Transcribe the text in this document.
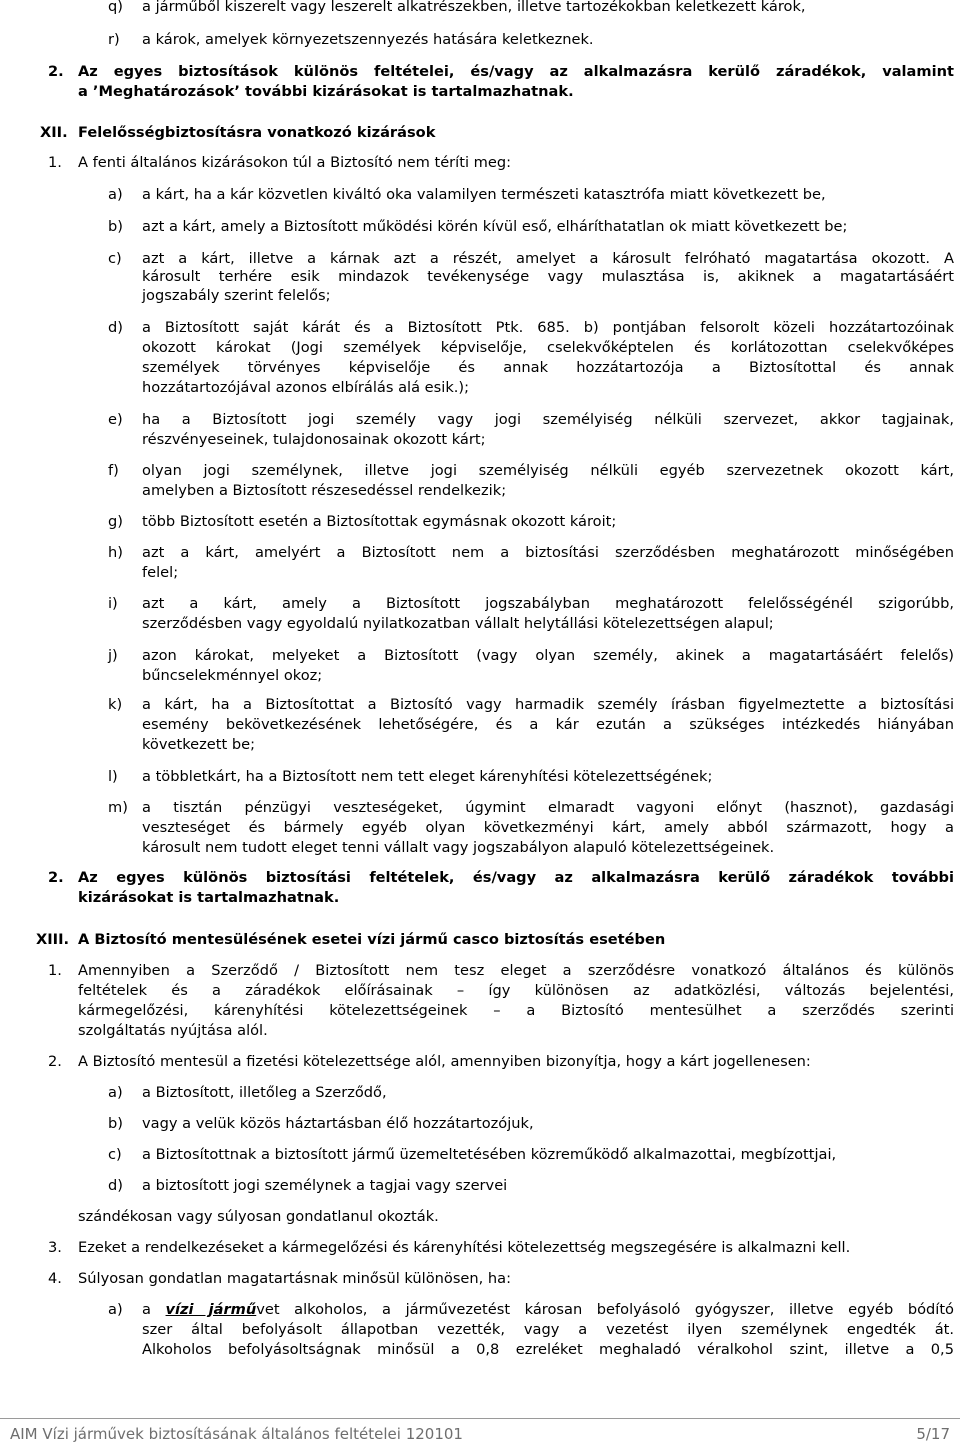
q) a járműből kiszerelt vagy leszerelt alkatrészekben, illetve tartozékokban keletkezett károk,
r) a károk, amelyek környezetszennyezés hatására keletkeznek.
2. Az egyes biztosítások különös feltételei, és/vagy az alkalmazásra kerülő záradékok, valamint
a ’Meghatározások’ további kizárásokat is tartalmazhatnak.
XII. Felelősségbiztosításra vonatkozó kizárások
1. A fenti általános kizárásokon túl a Biztosító nem téríti meg:
a) a kárt, ha a kár közvetlen kiváltó oka valamilyen természeti katasztrófa miatt következett be,
b) azt a kárt, amely a Biztosított működési körén kívül eső, elháríthatatlan ok miatt következett be;
c) azt a kárt, illetve a kárnak azt a részét, amelyet a károsult felróható magatartása okozott. A
károsult terhére esik mindazok tevékenysége vagy mulasztása is, akiknek a magatartásáért
jogszabály szerint felelős;
d) a Biztosított saját kárát és a Biztosított Ptk. 685. b) pontjában felsorolt közeli hozzátartozóinak
okozott károkat (Jogi személyek képviselője, cselekvőképtelen és korlátozottan cselekvőképes
személyek törvényes képviselője és annak hozzátartozója a Biztosítottal és annak
hozzátartozójával azonos elbírálás alá esik.);
e) ha a Biztosított jogi személy vagy jogi személyiség nélküli szervezet, akkor tagjainak,
részvényeseinek, tulajdonosainak okozott kárt;
f) olyan jogi személynek, illetve jogi személyiség nélküli egyéb szervezetnek okozott kárt,
amelyben a Biztosított részesedéssel rendelkezik;
g) több Biztosított esetén a Biztosítottak egymásnak okozott károit;
h) azt a kárt, amelyért a Biztosított nem a biztosítási szerződésben meghatározott minőségében
felel;
i) azt a kárt, amely a Biztosított jogszabályban meghatározott felelősségénél szigorúbb,
szerződésben vagy egyoldalú nyilatkozatban vállalt helytállási kötelezettségen alapul;
j) azon károkat, melyeket a Biztosított (vagy olyan személy, akinek a magatartásáért felelős)
bűncselekménnyel okoz;
k) a kárt, ha a Biztosítottat a Biztosító vagy harmadik személy írásban figyelmeztette a biztosítási
esemény bekövetkezésének lehetőségére, és a kár ezután a szükséges intézkedés hiányában
következett be;
l) a többletkárt, ha a Biztosított nem tett eleget kárenyhítési kötelezettségének;
m) a tisztán pénzügyi veszteségeket, úgymint elmaradt vagyoni előnyt (hasznot), gazdasági
veszteséget és bármely egyéb olyan következményi kárt, amely abból származott, hogy a
károsult nem tudott eleget tenni vállalt vagy jogszabályon alapuló kötelezettségeinek.
2. Az egyes különös biztosítási feltételek, és/vagy az alkalmazásra kerülő záradékok további
kizárásokat is tartalmazhatnak.
XIII. A Biztosító mentesülésének esetei vízi jármű casco biztosítás esetében
1. Amennyiben a Szerződő / Biztosított nem tesz eleget a szerződésre vonatkozó általános és különös
feltételek és a záradékok előírásainak – így különösen az adatközlési, változás bejelentési,
kármegelőzési, kárenyhítési kötelezettségeinek – a Biztosító mentesülhet a szerződés szerinti
szolgáltatás nyújtása alól.
2. A Biztosító mentesül a fizetési kötelezettsége alól, amennyiben bizonyítja, hogy a kárt jogellenesen:
a) a Biztosított, illetőleg a Szerződő,
b) vagy a velük közös háztartásban élő hozzátartozójuk,
c) a Biztosítottnak a biztosított jármű üzemeltetésében közreműködő alkalmazottai, megbízottjai,
d) a biztosított jogi személynek a tagjai vagy szervei
szándékosan vagy súlyosan gondatlanul okozták.
3. Ezeket a rendelkezéseket a kármegelőzési és kárenyhítési kötelezettség megszegésére is alkalmazni kell.
4. Súlyosan gondatlan magatartásnak minősül különösen, ha:
a) a vízi járművet alkoholos, a járművezetést károsan befolyásoló gyógyszer, illetve egyéb bódító
szer által befolyásolt állapotban vezették, vagy a vezetést ilyen személynek engedték át.
Alkoholos befolyásoltságnak minősül a 0,8 ezreléket meghaladó véralkohol szint, illetve a 0,5
AIM Vízi járművek biztosításának általános feltételei 120101	5/17
